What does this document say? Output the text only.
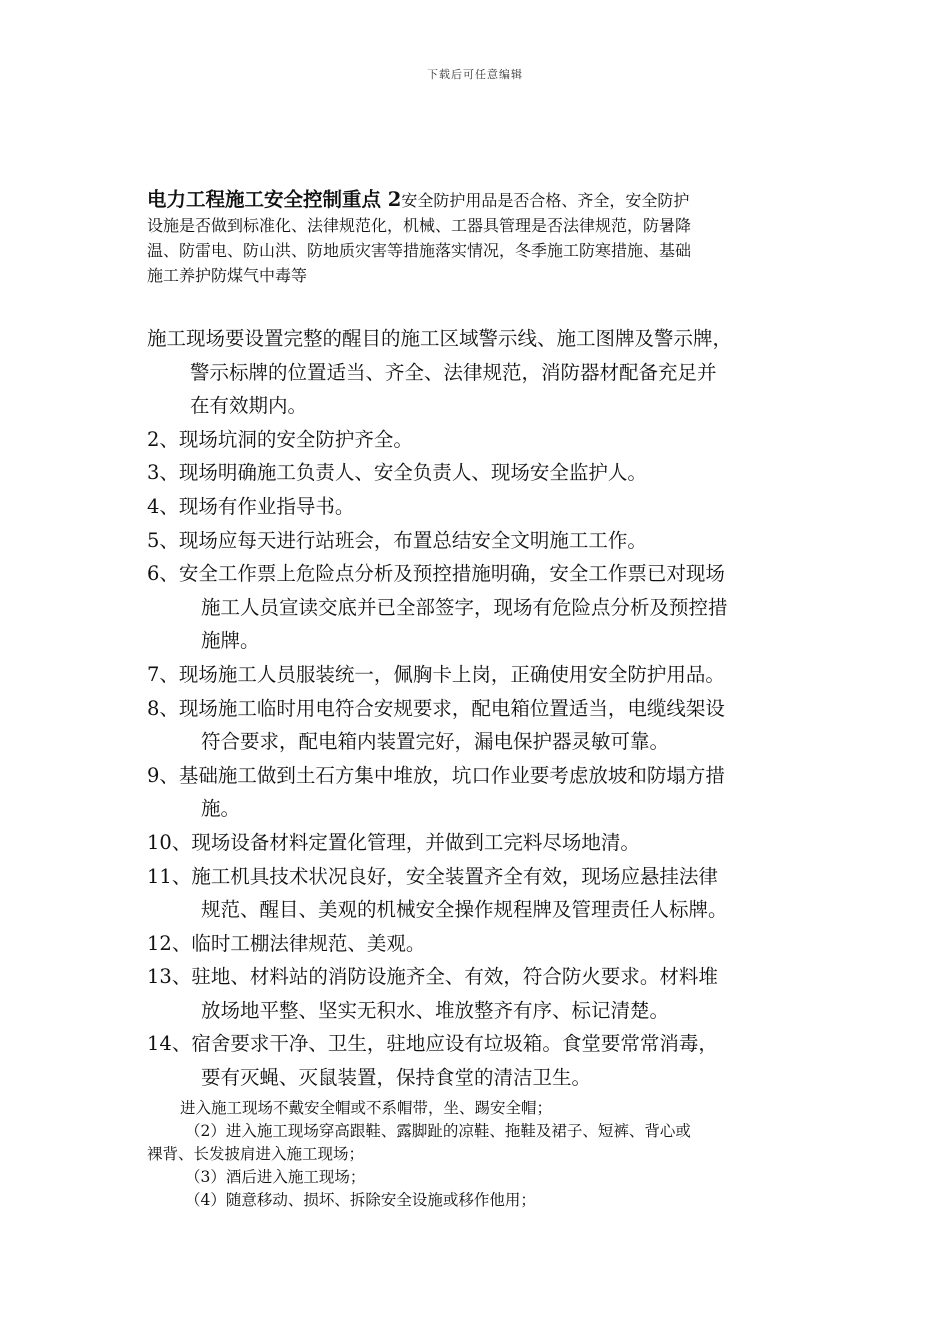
下载后可任意编辑
电力工程施工安全控制重点 2安全防护用品是否合格、齐全，安全防护
设施是否做到标准化、法律规范化，机械、工器具管理是否法律规范，防暑降
温、防雷电、防山洪、防地质灾害等措施落实情况，冬季施工防寒措施、基础
施工养护防煤气中毒等
施工现场要设置完整的醒目的施工区域警示线、施工图牌及警示牌，
警示标牌的位置适当、齐全、法律规范，消防器材配备充足并
在有效期内。
2、现场坑洞的安全防护齐全。
3、现场明确施工负责人、安全负责人、现场安全监护人。
4、现场有作业指导书。
5、现场应每天进行站班会，布置总结安全文明施工工作。
6、安全工作票上危险点分析及预控措施明确，安全工作票已对现场
施工人员宣读交底并已全部签字，现场有危险点分析及预控措
施牌。
7、现场施工人员服装统一，佩胸卡上岗，正确使用安全防护用品。
8、现场施工临时用电符合安规要求，配电箱位置适当，电缆线架设
符合要求，配电箱内装置完好，漏电保护器灵敏可靠。
9、基础施工做到土石方集中堆放，坑口作业要考虑放坡和防塌方措
施。
10、现场设备材料定置化管理，并做到工完料尽场地清。
11、施工机具技术状况良好，安全装置齐全有效，现场应悬挂法律
规范、醒目、美观的机械安全操作规程牌及管理责任人标牌。
12、临时工棚法律规范、美观。
13、驻地、材料站的消防设施齐全、有效，符合防火要求。材料堆
放场地平整、坚实无积水、堆放整齐有序、标记清楚。
14、宿舍要求干净、卫生，驻地应设有垃圾箱。食堂要常常消毒，
要有灭蝇、灭鼠装置，保持食堂的清洁卫生。
进入施工现场不戴安全帽或不系帽带，坐、踢安全帽；
（2）进入施工现场穿高跟鞋、露脚趾的凉鞋、拖鞋及裙子、短裤、背心或
裸背、长发披肩进入施工现场；
（3）酒后进入施工现场；
（4）随意移动、损坏、拆除安全设施或移作他用；
